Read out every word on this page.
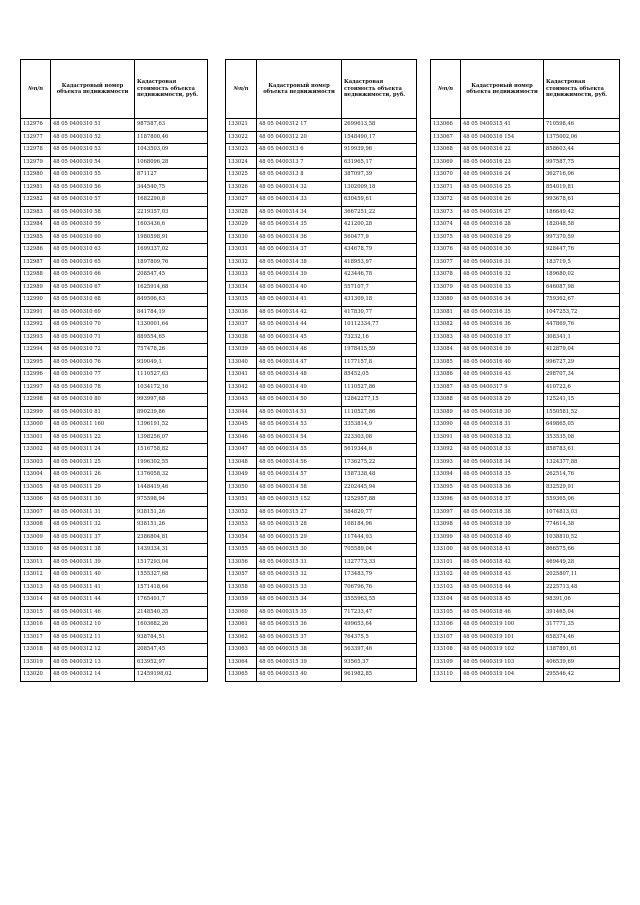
№п/п	Кадастровый номер объекта недвижимости	Кадастровая стоимость объекта недвижимости, руб.
132976	48 05 0400310 51	987587,63
132977	48 05 0400310 52	1187800,46
132978	48 05 0400310 53	1043503,09
132979	48 05 0400310 54	1068096,28
132980	48 05 0400310 55	871127
132981	48 05 0400310 56	344540,75
132982	48 05 0400310 57	1682290,8
132983	48 05 0400310 58	2219357,03
132984	48 05 0400310 59	1603436,6
132985	48 05 0400310 60	1980598,91
132986	48 05 0400310 63	1699337,02
132987	48 05 0400310 65	1897809,76
132988	48 05 0400310 66	208547,45
132989	48 05 0400310 67	1625914,68
132990	48 05 0400310 68	849506,63
132991	48 05 0400310 69	841784,19
132992	48 05 0400310 70	1330001,64
132993	48 05 0400310 71	889554,65
132994	48 05 0400310 72	757478,26
132995	48 05 0400310 76	939049,1
132996	48 05 0400310 77	1110527,63
132997	48 05 0400310 78	1034172,16
132998	48 05 0400310 80	993997,68
132999	48 05 0400310 81	890239,86
133000	48 05 0400311 160	1396191,52
133001	48 05 0400311 22	1398256,07
133002	48 05 0400311 24	1516758,82
133003	48 05 0400311 25	1996302,55
133004	48 05 0400311 26	1376058,32
133005	48 05 0400311 29	1448419,46
133006	48 05 0400311 30	975598,94
133007	48 05 0400311 31	938151,26
133008	48 05 0400311 32	938151,26
133009	48 05 0400311 37	2386804,81
133010	48 05 0400311 38	1439334,31
133011	48 05 0400311 39	1517293,04
133012	48 05 0400311 40	1555327,68
133013	48 05 0400311 41	1571418,64
133014	48 05 0400311 44	1765491,7
133015	48 05 0400311 46	2148540,35
133016	48 05 0400312 10	1603682,26
133017	48 05 0400312 11	938784,51
133018	48 05 0400312 12	208547,45
133019	48 05 0400312 13	633952,97
133020	48 05 0400312 14	12459198,02
№п/п	Кадастровый номер объекта недвижимости	Кадастровая стоимость объекта недвижимости, руб.
133021	48 05 0400312 17	2699613,58
133022	48 05 0400312 20	1548490,17
133023	48 05 0400313 6	919939,96
133024	48 05 0400313 7	631965,17
133025	48 05 0400313 8	387097,39
133026	48 05 0400314 32	1302009,18
133027	48 05 0400314 33	630459,61
133028	48 05 0400314 34	3667251,22
133029	48 05 0400314 35	421200,28
133030	48 05 0400314 36	560477,9
133031	48 05 0400314 37	434678,79
133032	48 05 0400314 38	418953,97
133033	48 05 0400314 39	423446,78
133034	48 05 0400314 40	557107,7
133035	48 05 0400314 41	431309,18
133036	48 05 0400314 42	417830,77
133037	48 05 0400314 44	10112334,77
133038	48 05 0400314 45	73232,16
133039	48 05 0400314 46	1978415,59
133040	48 05 0400314 47	1177157,8
133041	48 05 0400314 48	85452,05
133042	48 05 0400314 49	1110527,86
133043	48 05 0400314 50	12842277,15
133044	48 05 0400314 51	1110527,86
133045	48 05 0400314 53	3353814,9
133046	48 05 0400314 54	223303,08
133047	48 05 0400314 55	5619344,6
133048	48 05 0400314 56	1736275,22
133049	48 05 0400314 57	1587338,48
133050	48 05 0400314 58	2202445,94
133051	48 05 0400315 152	1252957,88
133052	48 05 0400315 27	584820,77
133053	48 05 0400315 28	108184,96
133054	48 05 0400315 29	117444,93
133055	48 05 0400315 30	705589,04
133056	48 05 0400315 31	1327773,33
133057	48 05 0400315 32	173483,79
133058	48 05 0400315 33	706796,76
133059	48 05 0400315 34	3555963,55
133060	48 05 0400315 35	717233,47
133061	48 05 0400315 36	499653,64
133062	48 05 0400315 37	764375,5
133063	48 05 0400315 38	563397,46
133064	48 05 0400315 39	93565,37
133065	48 05 0400315 40	961982,85
№п/п	Кадастровый номер объекта недвижимости	Кадастровая стоимость объекта недвижимости, руб.
133066	48 05 0400315 41	710598,46
133067	48 05 0400316 154	1375002,06
133068	48 05 0400316 22	858603,44
133069	48 05 0400316 23	997587,75
133070	48 05 0400316 24	362716,06
133071	48 05 0400316 25	854019,81
133072	48 05 0400316 26	993678,61
133073	48 05 0400316 27	186649,42
133074	48 05 0400316 28	182048,58
133075	48 05 0400316 29	997370,59
133076	48 05 0400316 30	928447,76
133077	48 05 0400316 31	183719,5
133078	48 05 0400316 32	189680,02
133079	48 05 0400316 33	646087,98
133080	48 05 0400316 34	759362,67
133081	48 05 0400316 35	1047253,72
133082	48 05 0400316 36	447869,76
133083	48 05 0400316 37	308341,1
133084	48 05 0400316 39	412879,04
133085	48 05 0400316 40	996727,29
133086	48 05 0400316 43	298707,34
133087	48 05 0400317 9	410722,6
133088	48 05 0400318 29	125241,15
133089	48 05 0400318 30	1550581,52
133090	48 05 0400318 31	649865,05
133091	48 05 0400318 32	353535,08
133092	48 05 0400318 33	858783,61
133093	48 05 0400318 34	1324377,88
133094	48 05 0400318 35	262514,76
133095	48 05 0400318 36	832529,91
133096	48 05 0400318 37	559365,06
133097	48 05 0400318 38	1074813,03
133098	48 05 0400318 39	774614,38
133099	48 05 0400318 40	1038810,52
133100	48 05 0400318 41	866575,66
133101	48 05 0400318 42	469449,28
133102	48 05 0400318 43	2025807,11
133103	48 05 0400318 44	2225713,48
133104	48 05 0400318 45	98391,06
133105	48 05 0400318 46	391465,04
133106	48 05 0400319 100	317771,35
133107	48 05 0400319 101	658374,46
133108	48 05 0400319 102	1387891,61
133109	48 05 0400319 103	406539,69
133110	48 05 0400319 104	295546,42
